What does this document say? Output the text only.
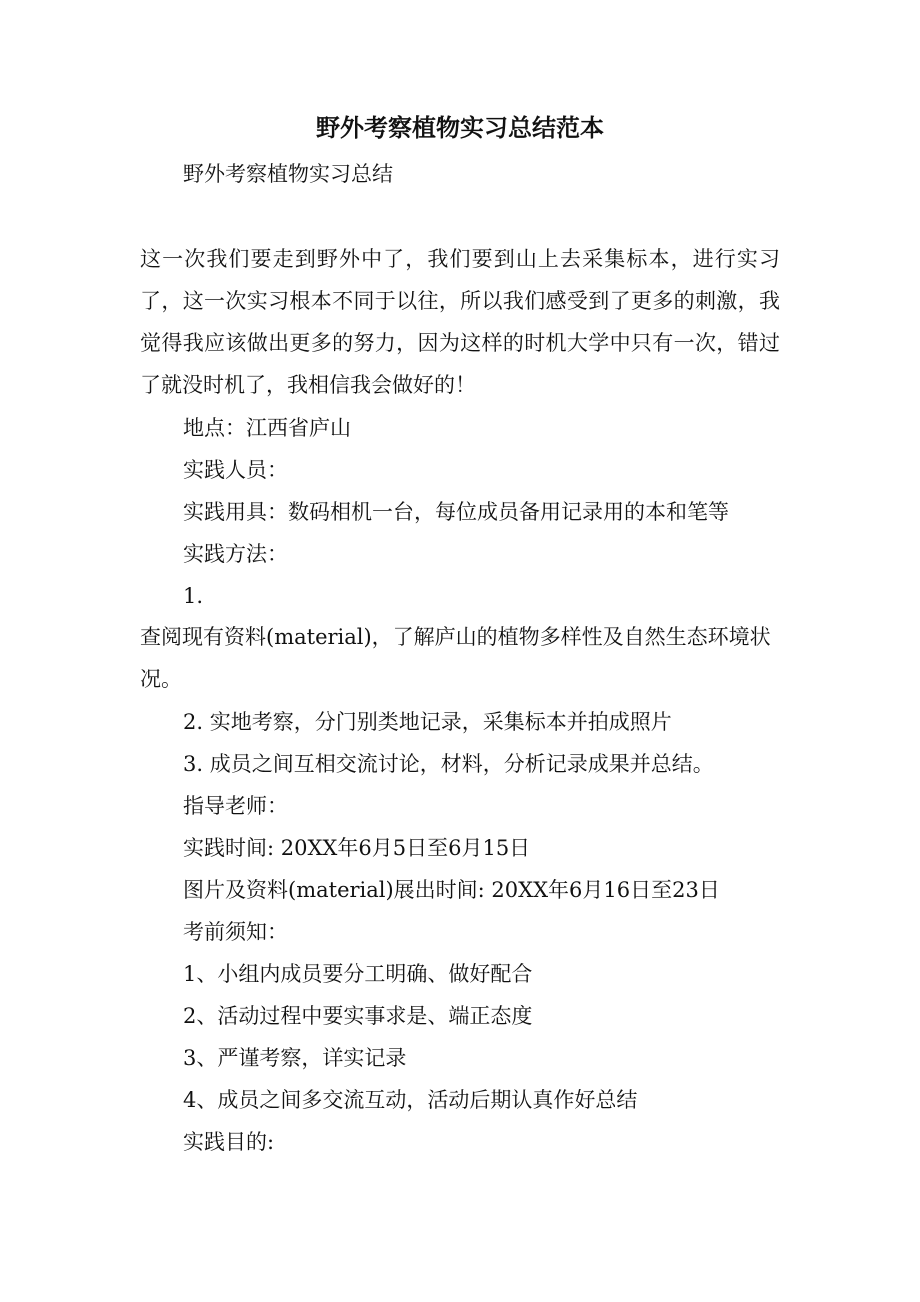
野外考察植物实习总结范本

野外考察植物实习总结

这一次我们要走到野外中了，我们要到山上去采集标本，进行实习了，这一次实习根本不同于以往，所以我们感受到了更多的刺激，我觉得我应该做出更多的努力，因为这样的时机大学中只有一次，错过了就没时机了，我相信我会做好的！

地点：江西省庐山

实践人员：

实践用具：数码相机一台，每位成员备用记录用的本和笔等

实践方法：

1.

查阅现有资料(material)，了解庐山的植物多样性及自然生态环境状况。

2. 实地考察，分门别类地记录，采集标本并拍成照片

3. 成员之间互相交流讨论，材料，分析记录成果并总结。

指导老师：

实践时间: 20XX年6月5日至6月15日

图片及资料(material)展出时间: 20XX年6月16日至23日

考前须知：

1、小组内成员要分工明确、做好配合

2、活动过程中要实事求是、端正态度

3、严谨考察，详实记录

4、成员之间多交流互动，活动后期认真作好总结

实践目的:
